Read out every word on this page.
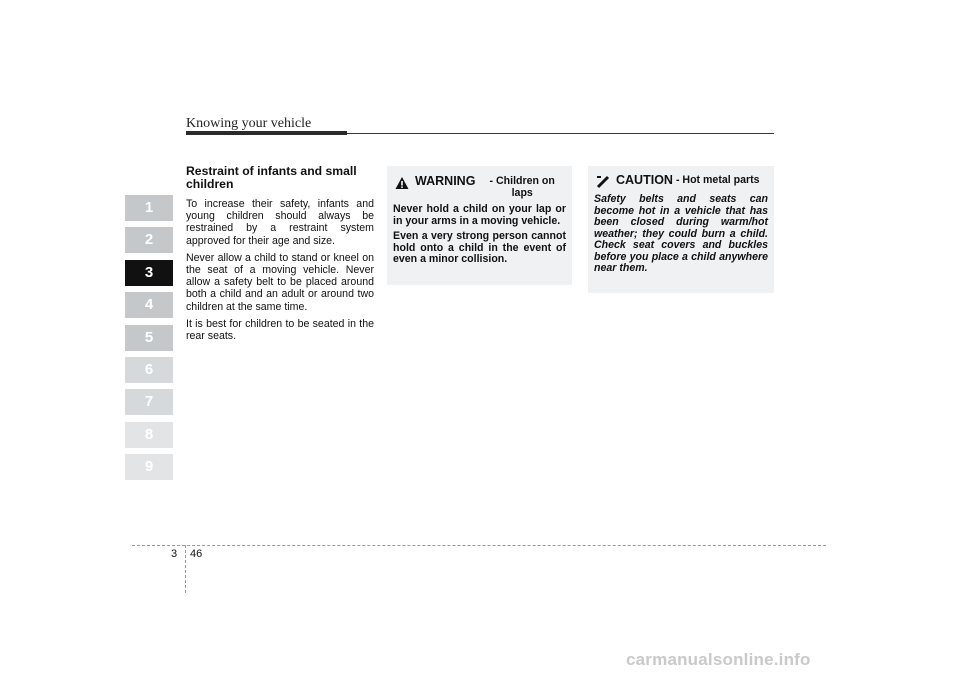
Knowing your vehicle

1
2
3
4
5
6
7
8
9

Restraint of infants and small children

To increase their safety, infants and young children should always be restrained by a restraint system approved for their age and size.

Never allow a child to stand or kneel on the seat of a moving vehicle. Never allow a safety belt to be placed around both a child and an adult or around two children at the same time.

It is best for children to be seated in the rear seats.

WARNING	- Children on laps

Never hold a child on your lap or in your arms in a moving vehicle.

Even a very strong person cannot hold onto a child in the event of even a minor collision.

CAUTION - Hot metal parts

Safety belts and seats can become hot in a vehicle that has been closed during warm/hot weather; they could burn a child. Check seat covers and buckles before you place a child anywhere near them.

3 46

carmanualsonline.info
